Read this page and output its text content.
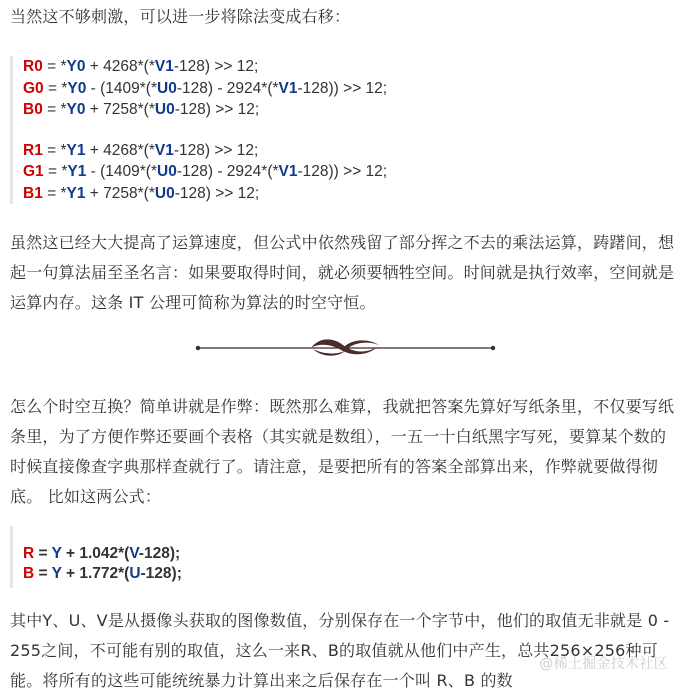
当然这不够刺激，可以进一步将除法变成右移：

R0 = *Y0 + 4268*(*V1-128) >> 12;
G0 = *Y0 - (1409*(*U0-128) - 2924*(*V1-128)) >> 12;
B0 = *Y0 + 7258*(*U0-128) >> 12;
R1 = *Y1 + 4268*(*V1-128) >> 12;
G1 = *Y1 - (1409*(*U0-128) - 2924*(*V1-128)) >> 12;
B1 = *Y1 + 7258*(*U0-128) >> 12;

虽然这已经大大提高了运算速度，但公式中依然残留了部分挥之不去的乘法运算，踌躇间，想起一句算法届至圣名言：如果要取得时间，就必须要牺牲空间。时间就是执行效率，空间就是运算内存。这条 IT 公理可简称为算法的时空守恒。

怎么个时空互换？简单讲就是作弊：既然那么难算，我就把答案先算好写纸条里，不仅要写纸条里，为了方便作弊还要画个表格（其实就是数组），一五一十白纸黑字写死，要算某个数的时候直接像查字典那样查就行了。请注意，是要把所有的答案全部算出来，作弊就要做得彻底。 比如这两公式：

R = Y + 1.042*(V-128);
B = Y + 1.772*(U-128);

其中Y、U、V是从摄像头获取的图像数值，分别保存在一个字节中，他们的取值无非就是 0 - 255之间，不可能有别的取值，这么一来R、B的取值就从他们中产生，总共256×256种可能。将所有的这些可能统统暴力计算出来之后保存在一个叫 R、B 的数

@稀土掘金技术社区
